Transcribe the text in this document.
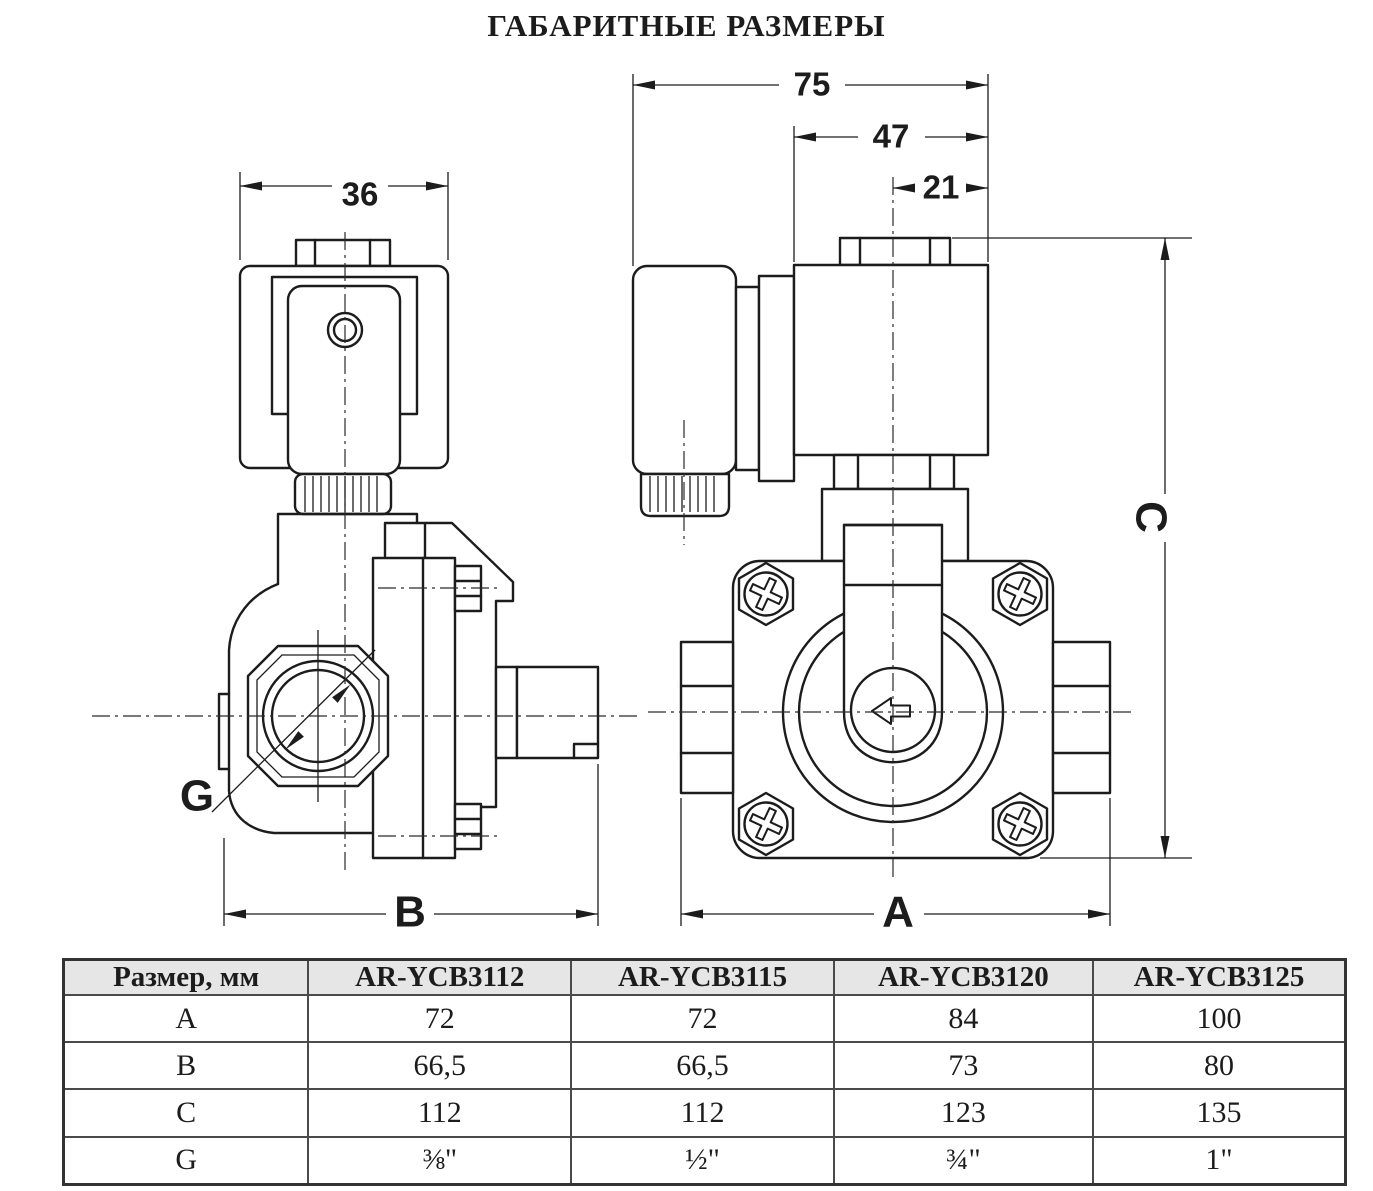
ГАБАРИТНЫЕ РАЗМЕРЫ
G
36
B
75
47
21
A
C
Размер, мм	AR-YCB3112	AR-YCB3115	AR-YCB3120	AR-YCB3125
A	72	72	84	100
B	66,5	66,5	73	80
C	112	112	123	135
G	⅜"	½"	¾"	1"
